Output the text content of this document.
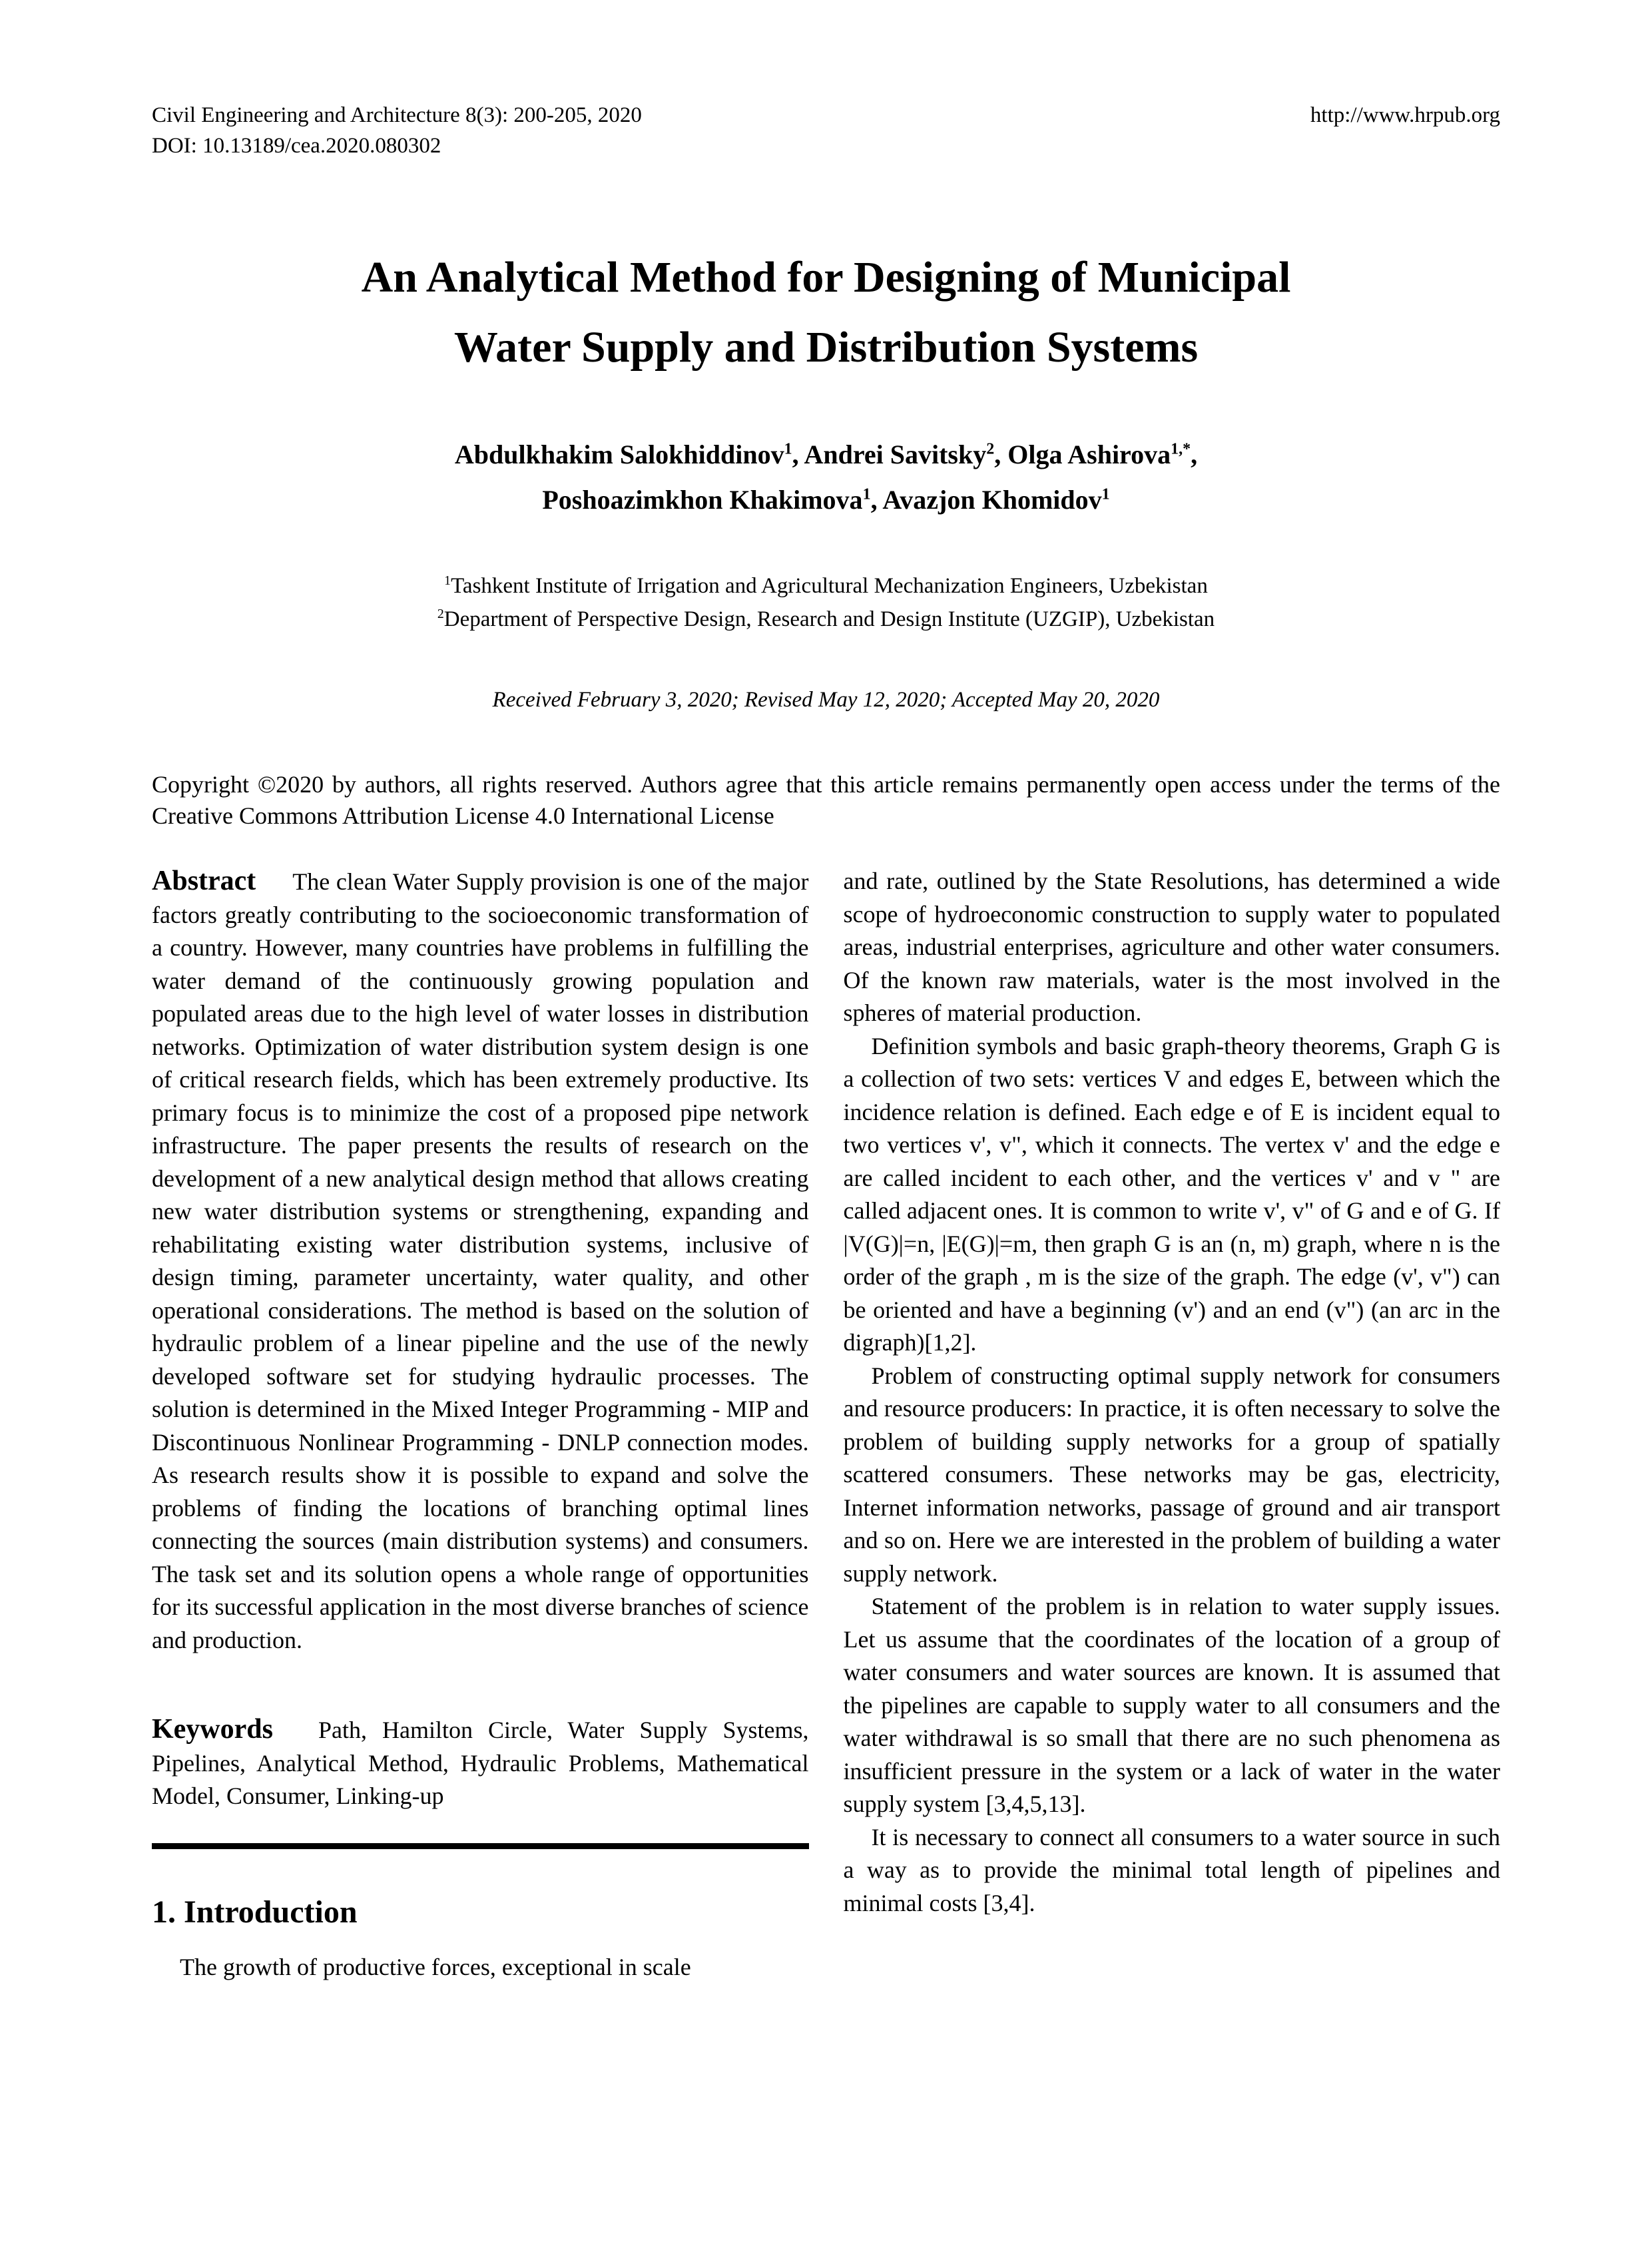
Civil Engineering and Architecture 8(3): 200-205, 2020
DOI: 10.13189/cea.2020.080302
http://www.hrpub.org
An Analytical Method for Designing of Municipal
Water Supply and Distribution Systems
Abdulkhakim Salokhiddinov$^1$, Andrei Savitsky$^2$, Olga Ashirova$^{1,*}$,
Poshoazimkhon Khakimova$^1$, Avazjon Khomidov$^1$
$^1$Tashkent Institute of Irrigation and Agricultural Mechanization Engineers, Uzbekistan
$^2$Department of Perspective Design, Research and Design Institute (UZGIP), Uzbekistan
Received February 3, 2020; Revised May 12, 2020; Accepted May 20, 2020
Copyright ©2020 by authors, all rights reserved. Authors agree that this article remains permanently open access under the terms of the Creative Commons Attribution License 4.0 International License

Abstract The clean Water Supply provision is one of the major factors greatly contributing to the socioeconomic transformation of a country. However, many countries have problems in fulfilling the water demand of the continuously growing population and populated areas due to the high level of water losses in distribution networks. Optimization of water distribution system design is one of critical research fields, which has been extremely productive. Its primary focus is to minimize the cost of a proposed pipe network infrastructure. The paper presents the results of research on the development of a new analytical design method that allows creating new water distribution systems or strengthening, expanding and rehabilitating existing water distribution systems, inclusive of design timing, parameter uncertainty, water quality, and other operational considerations. The method is based on the solution of hydraulic problem of a linear pipeline and the use of the newly developed software set for studying hydraulic processes. The solution is determined in the Mixed Integer Programming - MIP and Discontinuous Nonlinear Programming - DNLP connection modes. As research results show it is possible to expand and solve the problems of finding the locations of branching optimal lines connecting the sources (main distribution systems) and consumers. The task set and its solution opens a whole range of opportunities for its successful application in the most diverse branches of science and production.

Keywords Path, Hamilton Circle, Water Supply Systems, Pipelines, Analytical Method, Hydraulic Problems, Mathematical Model, Consumer, Linking-up

1. Introduction

The growth of productive forces, exceptional in scale

and rate, outlined by the State Resolutions, has determined a wide scope of hydroeconomic construction to supply water to populated areas, industrial enterprises, agriculture and other water consumers. Of the known raw materials, water is the most involved in the spheres of material production.

Definition symbols and basic graph-theory theorems, Graph G is a collection of two sets: vertices V and edges E, between which the incidence relation is defined. Each edge e of E is incident equal to two vertices v', v", which it connects. The vertex v' and the edge e are called incident to each other, and the vertices v' and v " are called adjacent ones. It is common to write v', v" of G and e of G. If |V(G)|=n, |E(G)|=m, then graph G is an (n, m) graph, where n is the order of the graph , m is the size of the graph. The edge (v', v") can be oriented and have a beginning (v') and an end (v") (an arc in the digraph)[1,2].

Problem of constructing optimal supply network for consumers and resource producers: In practice, it is often necessary to solve the problem of building supply networks for a group of spatially scattered consumers. These networks may be gas, electricity, Internet information networks, passage of ground and air transport and so on. Here we are interested in the problem of building a water supply network.

Statement of the problem is in relation to water supply issues. Let us assume that the coordinates of the location of a group of water consumers and water sources are known. It is assumed that the pipelines are capable to supply water to all consumers and the water withdrawal is so small that there are no such phenomena as insufficient pressure in the system or a lack of water in the water supply system [3,4,5,13].

It is necessary to connect all consumers to a water source in such a way as to provide the minimal total length of pipelines and minimal costs [3,4].
